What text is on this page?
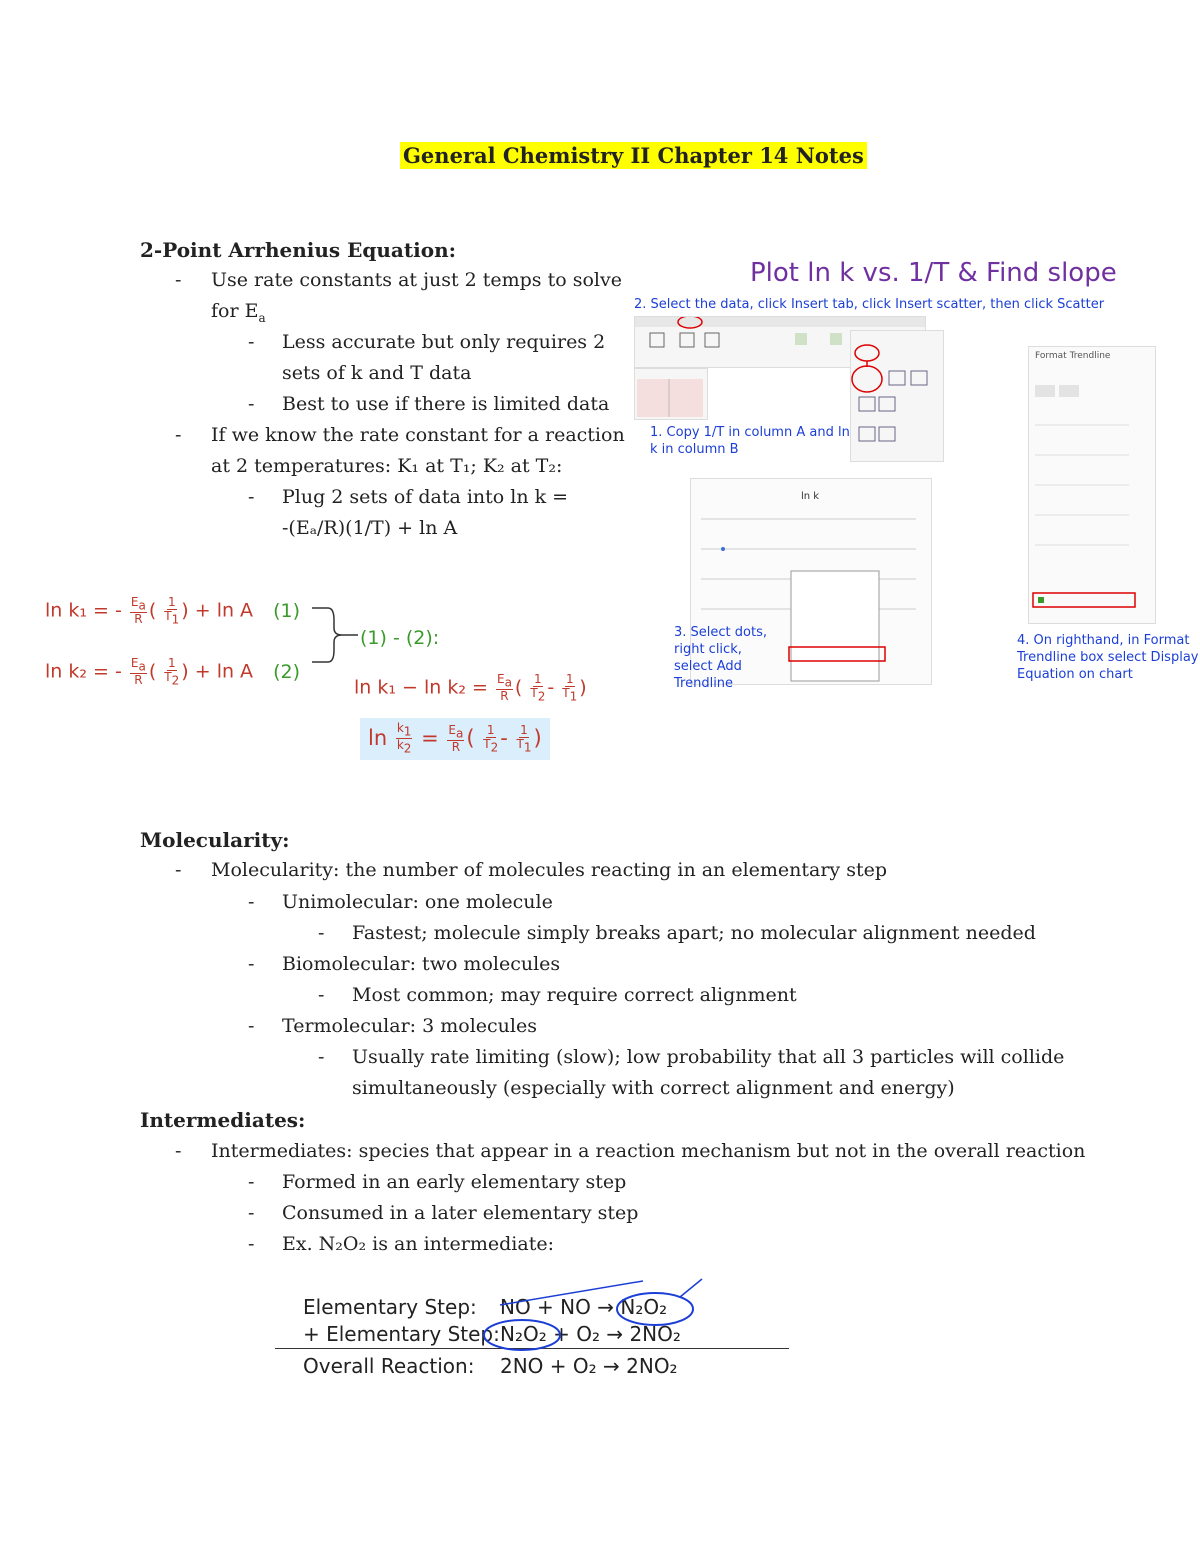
General Chemistry II Chapter 14 Notes
2-Point Arrhenius Equation:
- Use rate constants at just 2 temps to solve
for $E_a$
- Less accurate but only requires 2
sets of k and T data
- Best to use if there is limited data
- If we know the rate constant for a reaction
at 2 temperatures: K₁ at T₁; K₂ at T₂:
- Plug 2 sets of data into ln k =
-(Eₐ/R)(1/T) + ln A
ln k₁ = - $\frac{E_a}{R}$ ( $\frac{1}{T_1}$ ) + ln A (1)
ln k₂ = - $\frac{E_a}{R}$ ( $\frac{1}{T_2}$ ) + ln A (2)
(1) - (2):
$\ln k_1 - \ln k_2 = \frac{E_a}{R}$ ( $\frac{1}{T_2} - \frac{1}{T_1}$ )
$\ln \frac{k_1}{k_2} = \frac{E_a}{R}$ ( $\frac{1}{T_2} - \frac{1}{T_1}$ )
Plot ln k vs. 1/T & Find slope
2. Select the data, click Insert tab, click Insert scatter, then click Scatter
1. Copy 1/T in column A and ln k in column B
ln k
3. Select dots, right click, select Add Trendline
Format Trendline
4. On righthand, in Format Trendline box select Display Equation on chart
Molecularity:
- Molecularity: the number of molecules reacting in an elementary step
- Unimolecular: one molecule
- Fastest; molecule simply breaks apart; no molecular alignment needed
- Biomolecular: two molecules
- Most common; may require correct alignment
- Termolecular: 3 molecules
- Usually rate limiting (slow); low probability that all 3 particles will collide
simultaneously (especially with correct alignment and energy)
Intermediates:
- Intermediates: species that appear in a reaction mechanism but not in the overall reaction
- Formed in an early elementary step
- Consumed in a later elementary step
- Ex. N₂O₂ is an intermediate:
Elementary Step: NO + NO → N₂O₂
+ Elementary Step: N₂O₂ + O₂ → 2NO₂
Overall Reaction: 2NO + O₂ → 2NO₂
